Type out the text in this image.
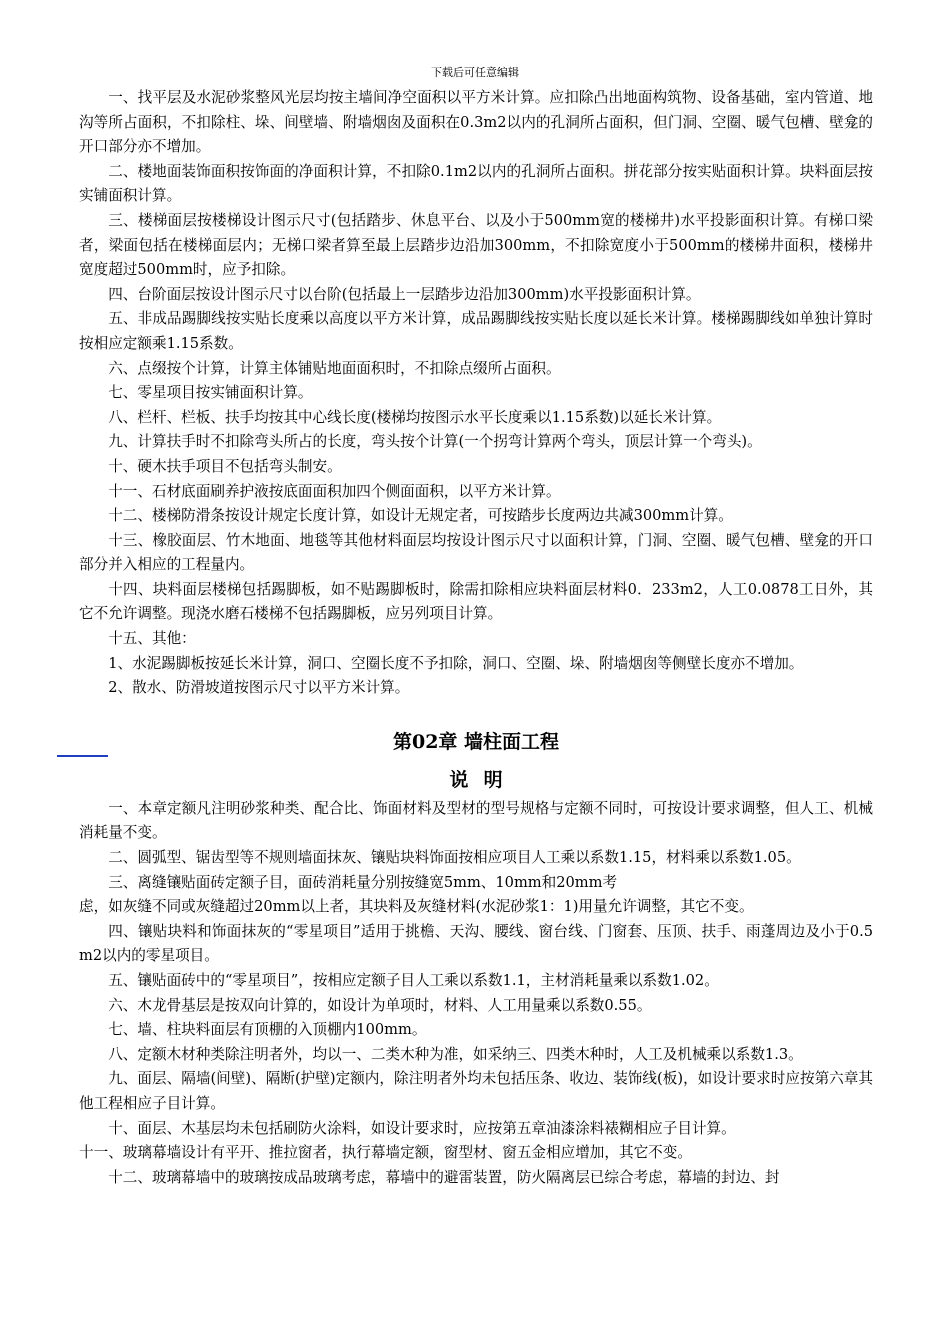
下载后可任意编辑

一、找平层及水泥砂浆整风光层均按主墙间净空面积以平方米计算。应扣除凸出地面构筑物、设备基础，室内管道、地沟等所占面积，不扣除柱、垛、间壁墙、附墙烟囱及面积在0.3m2以内的孔洞所占面积，但门洞、空圈、暖气包槽、壁龛的开口部分亦不增加。

二、楼地面装饰面积按饰面的净面积计算，不扣除0.1m2以内的孔洞所占面积。拼花部分按实贴面积计算。块料面层按实铺面积计算。

三、楼梯面层按楼梯设计图示尺寸(包括踏步、休息平台、以及小于500mm宽的楼梯井)水平投影面积计算。有梯口梁者，梁面包括在楼梯面层内；无梯口梁者算至最上层踏步边沿加300mm，不扣除宽度小于500mm的楼梯井面积，楼梯井宽度超过500mm时，应予扣除。

四、台阶面层按设计图示尺寸以台阶(包括最上一层踏步边沿加300mm)水平投影面积计算。

五、非成品踢脚线按实贴长度乘以高度以平方米计算，成品踢脚线按实贴长度以延长米计算。楼梯踢脚线如单独计算时按相应定额乘1.15系数。

六、点缀按个计算，计算主体铺贴地面面积时，不扣除点缀所占面积。

七、零星项目按实铺面积计算。

八、栏杆、栏板、扶手均按其中心线长度(楼梯均按图示水平长度乘以1.15系数)以延长米计算。

九、计算扶手时不扣除弯头所占的长度，弯头按个计算(一个拐弯计算两个弯头，顶层计算一个弯头)。

十、硬木扶手项目不包括弯头制安。

十一、石材底面刷养护液按底面面积加四个侧面面积，以平方米计算。

十二、楼梯防滑条按设计规定长度计算，如设计无规定者，可按踏步长度两边共减300mm计算。

十三、橡胶面层、竹木地面、地毯等其他材料面层均按设计图示尺寸以面积计算，门洞、空圈、暖气包槽、壁龛的开口部分并入相应的工程量内。

十四、块料面层楼梯包括踢脚板，如不贴踢脚板时，除需扣除相应块料面层材料0．233m2，人工0.0878工日外，其它不允许调整。现浇水磨石楼梯不包括踢脚板，应另列项目计算。

十五、其他：

1、水泥踢脚板按延长米计算，洞口、空圈长度不予扣除，洞口、空圈、垛、附墙烟囱等侧壁长度亦不增加。

2、散水、防滑坡道按图示尺寸以平方米计算。

第02章 墙柱面工程
说明

一、本章定额凡注明砂浆种类、配合比、饰面材料及型材的型号规格与定额不同时，可按设计要求调整，但人工、机械消耗量不变。

二、圆弧型、锯齿型等不规则墙面抹灰、镶贴块料饰面按相应项目人工乘以系数1.15，材料乘以系数1.05。

三、离缝镶贴面砖定额子目，面砖消耗量分别按缝宽5mm、10mm和20mm考

虑，如灰缝不同或灰缝超过20mm以上者，其块料及灰缝材料(水泥砂浆1：1)用量允许调整，其它不变。

四、镶贴块料和饰面抹灰的“零星项目”适用于挑檐、天沟、腰线、窗台线、门窗套、压顶、扶手、雨蓬周边及小于0.5m2以内的零星项目。

五、镶贴面砖中的“零星项目”，按相应定额子目人工乘以系数1.1，主材消耗量乘以系数1.02。

六、木龙骨基层是按双向计算的，如设计为单项时，材料、人工用量乘以系数0.55。

七、墙、柱块料面层有顶棚的入顶棚内100mm。

八、定额木材种类除注明者外，均以一、二类木种为准，如采纳三、四类木种时，人工及机械乘以系数1.3。

九、面层、隔墙(间壁)、隔断(护壁)定额内，除注明者外均未包括压条、收边、装饰线(板)，如设计要求时应按第六章其他工程相应子目计算。

十、面层、木基层均未包括刷防火涂料，如设计要求时，应按第五章油漆涂料裱糊相应子目计算。

十一、玻璃幕墙设计有平开、推拉窗者，执行幕墙定额，窗型材、窗五金相应增加，其它不变。

十二、玻璃幕墙中的玻璃按成品玻璃考虑，幕墙中的避雷装置，防火隔离层已综合考虑，幕墙的封边、封
